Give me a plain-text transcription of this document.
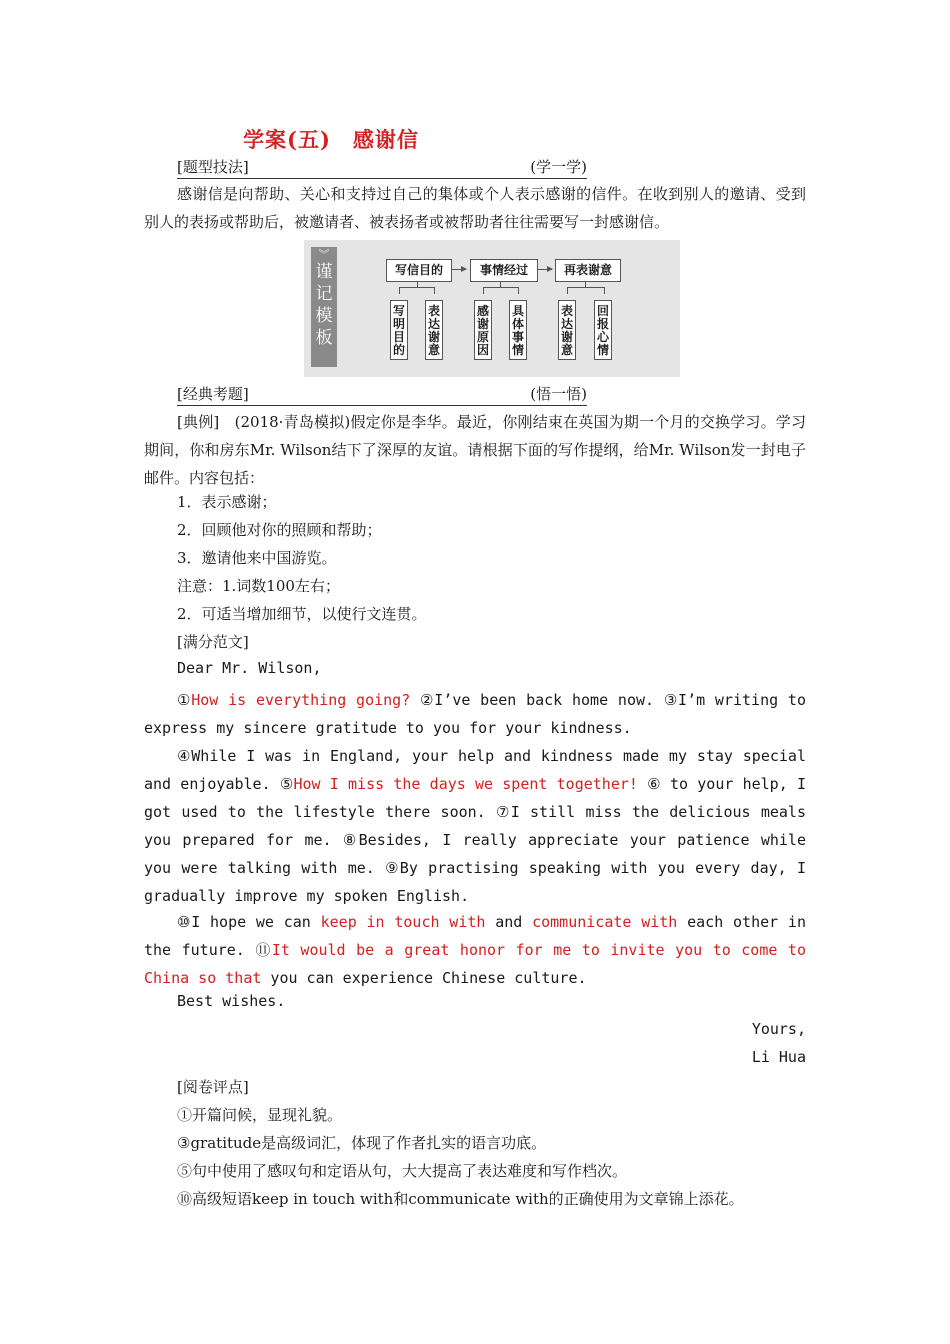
学案(五)　感谢信
[题型技法]	(学一学)
感谢信是向帮助、关心和支持过自己的集体或个人表示感谢的信件。在收到别人的邀请、受到别人的表扬或帮助后，被邀请者、被表扬者或被帮助者往往需要写一封感谢信。
[经典考题]	(悟一悟)
[典例]　(2018·青岛模拟)假定你是李华。最近，你刚结束在英国为期一个月的交换学习。学习期间，你和房东Mr. Wilson结下了深厚的友谊。请根据下面的写作提纲，给Mr. Wilson发一封电子邮件。内容包括：
1．表示感谢；
2．回顾他对你的照顾和帮助；
3．邀请他来中国游览。
注意：1.词数100左右；
2．可适当增加细节，以使行文连贯。
[满分范文]
Dear Mr. Wilson,
①How is everything going? ②I’ve been back home now. ③I’m writing to express my sincere gratitude to you for your kindness.
④While I was in England, your help and kindness made my stay special and enjoyable. ⑤How I miss the days we spent together! ⑥ to your help, I got used to the lifestyle there soon. ⑦I still miss the delicious meals you prepared for me. ⑧Besides, I really appreciate your patience while you were talking with me. ⑨By practising speaking with you every day, I gradually improve my spoken English.
⑩I hope we can keep in touch with and communicate with each other in the future. ⑪It would be a great honor for me to invite you to come to China so that you can experience Chinese culture.
Best wishes.
Yours,
Li Hua
[阅卷评点]
①开篇问候，显现礼貌。
③gratitude是高级词汇，体现了作者扎实的语言功底。
⑤句中使用了感叹句和定语从句，大大提高了表达难度和写作档次。
⑩高级短语keep in touch with和communicate with的正确使用为文章锦上添花。
︾
谨
记
模
板
写信目的
写明目的
表达谢意
事情经过
感谢原因
具体事情
再表谢意
表达谢意
回报心情
